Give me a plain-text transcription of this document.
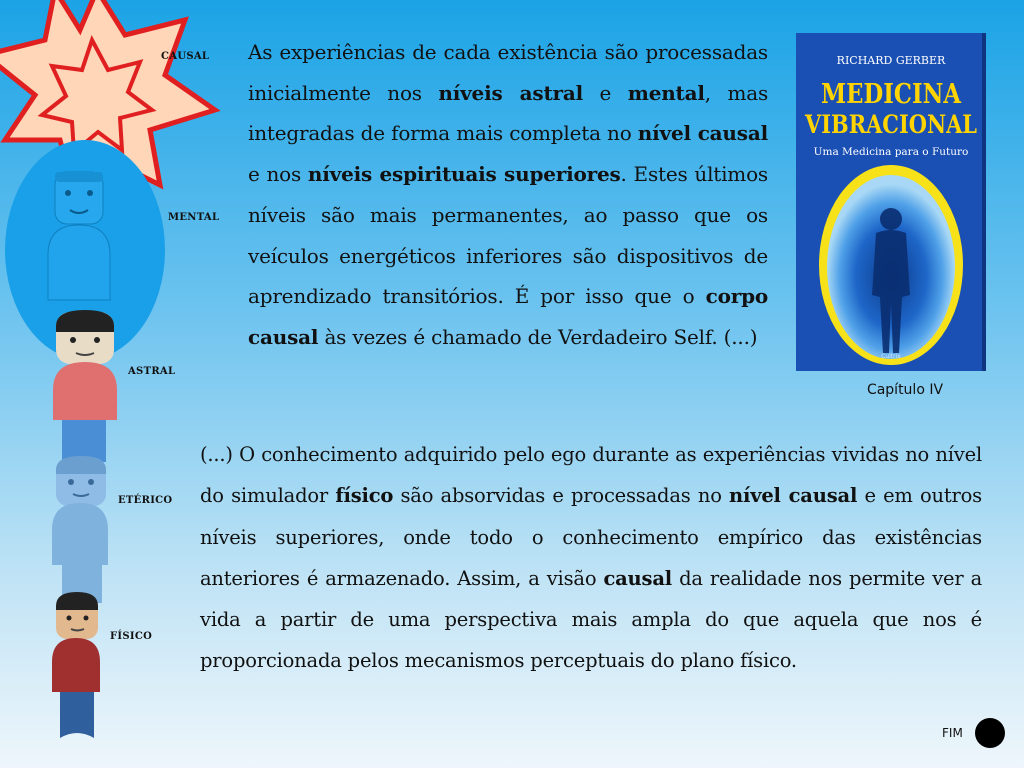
CAUSAL
MENTAL
ASTRAL
ETÉRICO
FÍSICO
As experiências de cada existência são processadas inicialmente nos níveis astral e mental, mas integradas de forma mais completa no nível causal e nos níveis espirituais superiores. Estes últimos níveis são mais permanentes, ao passo que os veículos energéticos inferiores são dispositivos de aprendizado transitórios. É por isso que o corpo causal às vezes é chamado de Verdadeiro Self. (...)
RICHARD GERBER
MEDICINA
VIBRACIONAL
Uma Medicina para o Futuro
Cultrix
Capítulo IV
(...) O conhecimento adquirido pelo ego durante as experiências vividas no nível do simulador físico são absorvidas e processadas no nível causal e em outros níveis superiores, onde todo o conhecimento empírico das existências anteriores é armazenado. Assim, a visão causal da realidade nos permite ver a vida a partir de uma perspectiva mais ampla do que aquela que nos é proporcionada pelos mecanismos perceptuais do plano físico.
FIM
